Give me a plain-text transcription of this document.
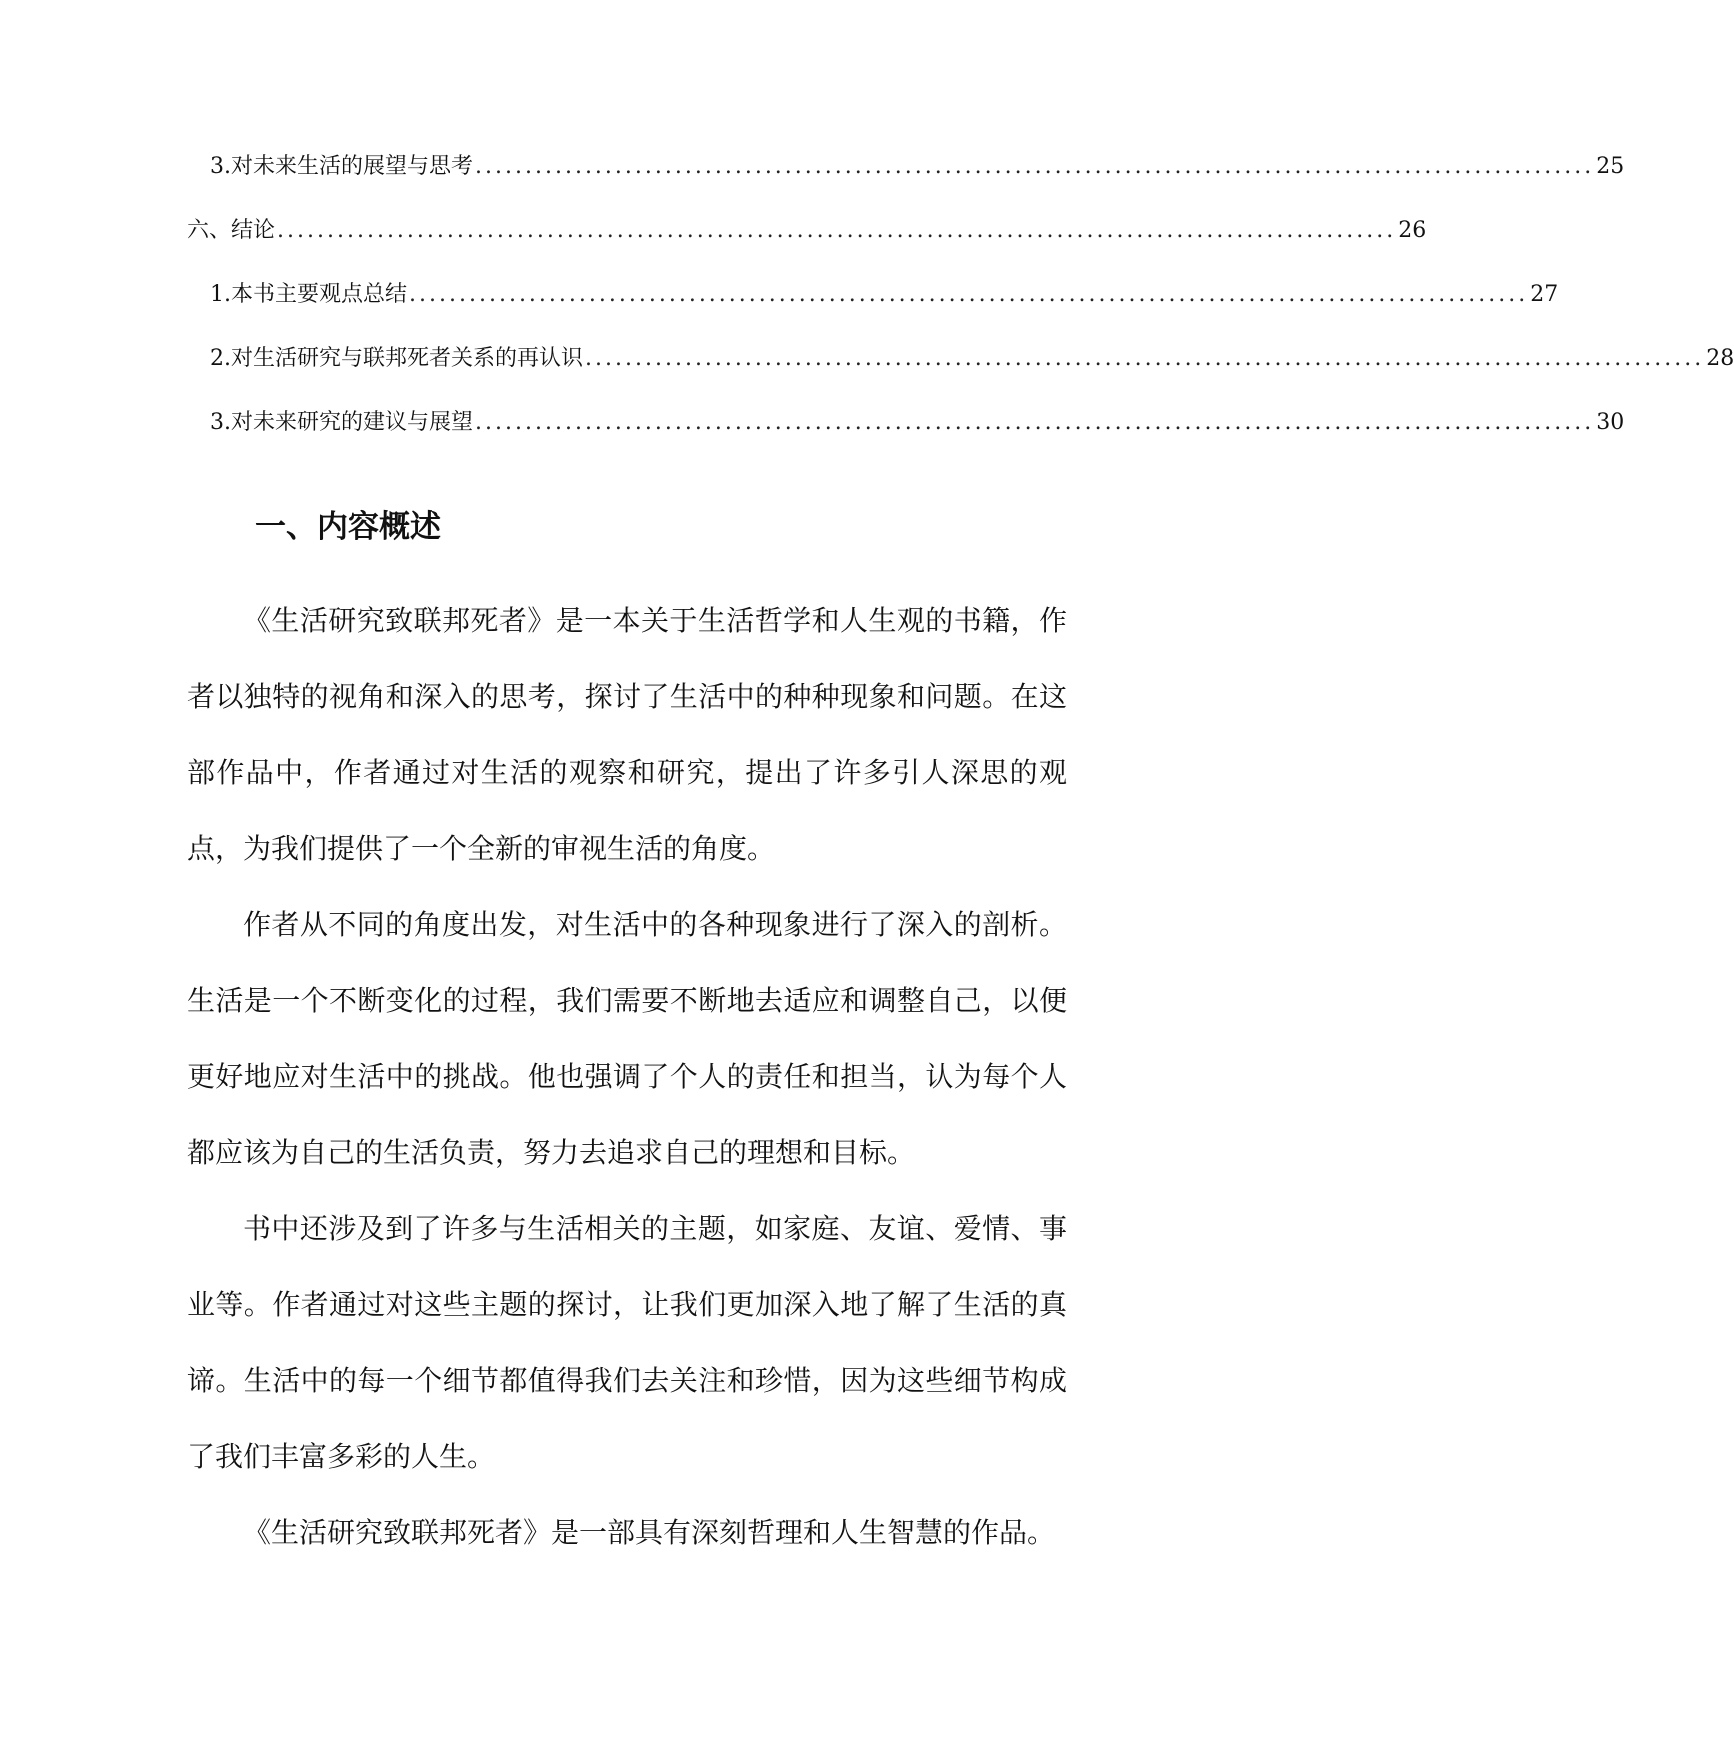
3. 对未来生活的展望与思考 ................................................................................................................ 25
六、结论 ................................................................................................................ 26
1. 本书主要观点总结 ................................................................................................................ 27
2. 对生活研究与联邦死者关系的再认识 ................................................................................................................ 28
3. 对未来研究的建议与展望 ................................................................................................................ 30
一、内容概述

《生活研究致联邦死者》是一本关于生活哲学和人生观的书籍，作者以独特的视角和深入的思考，探讨了生活中的种种现象和问题。在这部作品中，作者通过对生活的观察和研究，提出了许多引人深思的观点，为我们提供了一个全新的审视生活的角度。

作者从不同的角度出发，对生活中的各种现象进行了深入的剖析。生活是一个不断变化的过程，我们需要不断地去适应和调整自己，以便更好地应对生活中的挑战。他也强调了个人的责任和担当，认为每个人都应该为自己的生活负责，努力去追求自己的理想和目标。

书中还涉及到了许多与生活相关的主题，如家庭、友谊、爱情、事业等。作者通过对这些主题的探讨，让我们更加深入地了解了生活的真谛。生活中的每一个细节都值得我们去关注和珍惜，因为这些细节构成了我们丰富多彩的人生。

《生活研究致联邦死者》是一部具有深刻哲理和人生智慧的作品。
